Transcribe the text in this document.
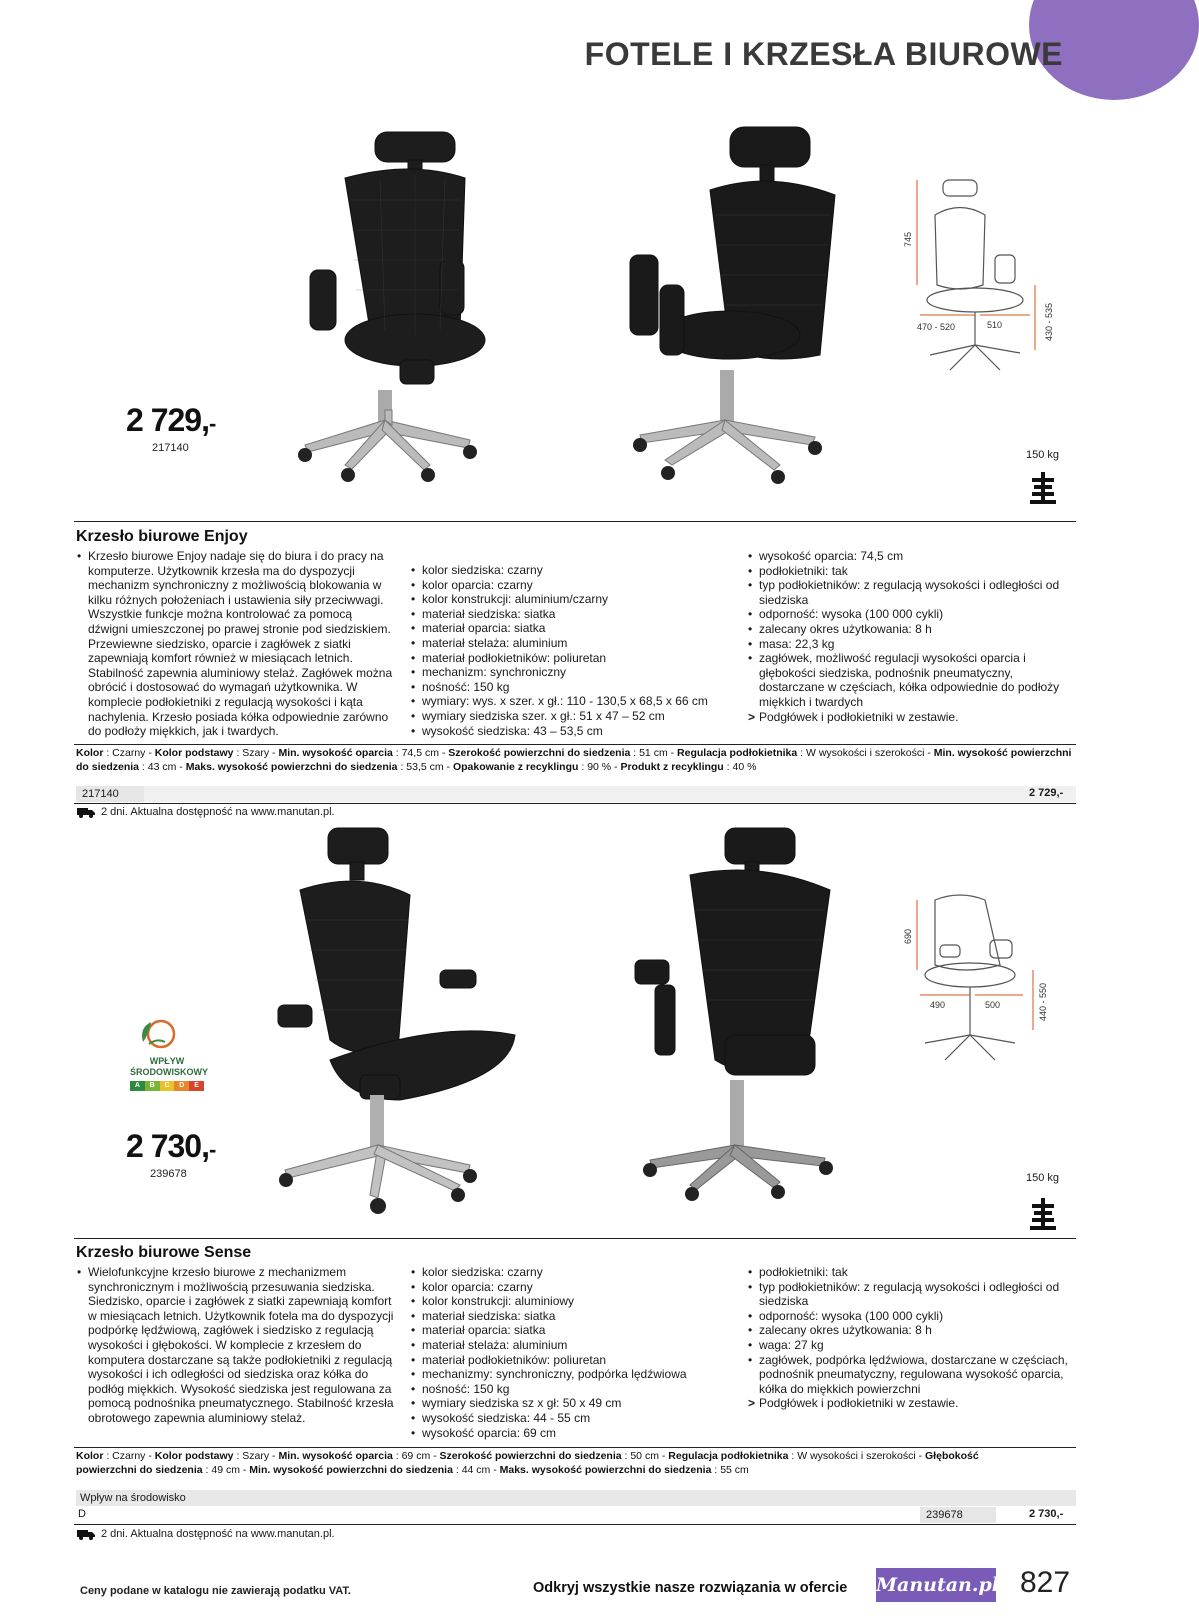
FOTELE I KRZESŁA BIUROWE
745
470 - 520	510	430 - 535
2 729,-
217140
150 kg
Krzesło biurowe Enjoy
• Krzesło biurowe Enjoy nadaje się do biura i do pracy na komputerze. Użytkownik krzesła ma do dyspozycji mechanizm synchroniczny z możliwością blokowania w kilku różnych położeniach i ustawienia siły przeciwwagi. Wszystkie funkcje można kontrolować za pomocą dźwigni umieszczonej po prawej stronie pod siedziskiem. Przewiewne siedzisko, oparcie i zagłówek z siatki zapewniają komfort również w miesiącach letnich. Stabilność zapewnia aluminiowy stelaż. Zagłówek można obrócić i dostosować do wymagań użytkownika. W komplecie podłokietniki z regulacją wysokości i kąta nachylenia. Krzesło posiada kółka odpowiednie zarówno do podłoży miękkich, jak i twardych.
• kolor siedziska: czarny
• kolor oparcia: czarny
• kolor konstrukcji: aluminium/czarny
• materiał siedziska: siatka
• materiał oparcia: siatka
• materiał stelaża: aluminium
• materiał podłokietników: poliuretan
• mechanizm: synchroniczny
• nośność: 150 kg
• wymiary: wys. x szer. x gł.: 110 - 130,5 x 68,5 x 66 cm
• wymiary siedziska szer. x gł.: 51 x 47 – 52 cm
• wysokość siedziska: 43 – 53,5 cm
• wysokość oparcia: 74,5 cm
• podłokietniki: tak
• typ podłokietników: z regulacją wysokości i odległości od siedziska
• odporność: wysoka (100 000 cykli)
• zalecany okres użytkowania: 8 h
• masa: 22,3 kg
• zagłówek, możliwość regulacji wysokości oparcia i głębokości siedziska, podnośnik pneumatyczny, dostarczane w częściach, kółka odpowiednie do podłoży miękkich i twardych
> Podgłówek i podłokietniki w zestawie.
Kolor : Czarny - Kolor podstawy : Szary - Min. wysokość oparcia : 74,5 cm - Szerokość powierzchni do siedzenia : 51 cm - Regulacja podłokietnika : W wysokości i szerokości - Min. wysokość powierzchni do siedzenia : 43 cm - Maks. wysokość powierzchni do siedzenia : 53,5 cm - Opakowanie z recyklingu : 90 % - Produkt z recyklingu : 40 %
217140	2 729,-
2 dni. Aktualna dostępność na www.manutan.pl.
690
490	500	440 - 550
WPŁYW
ŚRODOWISKOWY
A	B	C	D	E
2 730,-
239678	150 kg
Krzesło biurowe Sense
• Wielofunkcyjne krzesło biurowe z mechanizmem synchronicznym i możliwością przesuwania siedziska. Siedzisko, oparcie i zagłówek z siatki zapewniają komfort w miesiącach letnich. Użytkownik fotela ma do dyspozycji podpórkę lędźwiową, zagłówek i siedzisko z regulacją wysokości i głębokości. W komplecie z krzesłem do komputera dostarczane są także podłokietniki z regulacją wysokości i ich odległości od siedziska oraz kółka do podłóg miękkich. Wysokość siedziska jest regulowana za pomocą podnośnika pneumatycznego. Stabilność krzesła obrotowego zapewnia aluminiowy stelaż.
• kolor siedziska: czarny
• kolor oparcia: czarny
• kolor konstrukcji: aluminiowy
• materiał siedziska: siatka
• materiał oparcia: siatka
• materiał stelaża: aluminium
• materiał podłokietników: poliuretan
• mechanizmy: synchroniczny, podpórka lędźwiowa
• nośność: 150 kg
• wymiary siedziska sz x gł: 50 x 49 cm
• wysokość siedziska: 44 - 55 cm
• wysokość oparcia: 69 cm
• podłokietniki: tak
• typ podłokietników: z regulacją wysokości i odległości od siedziska
• odporność: wysoka (100 000 cykli)
• zalecany okres użytkowania: 8 h
• waga: 27 kg
• zagłówek, podpórka lędźwiowa, dostarczane w częściach, podnośnik pneumatyczny, regulowana wysokość oparcia, kółka do miękkich powierzchni
> Podgłówek i podłokietniki w zestawie.
Kolor : Czarny - Kolor podstawy : Szary - Min. wysokość oparcia : 69 cm - Szerokość powierzchni do siedzenia : 50 cm - Regulacja podłokietnika : W wysokości i szerokości - Głębokość powierzchni do siedzenia : 49 cm - Min. wysokość powierzchni do siedzenia : 44 cm - Maks. wysokość powierzchni do siedzenia : 55 cm
Wpływ na środowisko
D	239678	2 730,-
2 dni. Aktualna dostępność na www.manutan.pl.
Ceny podane w katalogu nie zawierają podatku VAT.	Odkryj wszystkie nasze rozwiązania w ofercie Manutan.pl 827
